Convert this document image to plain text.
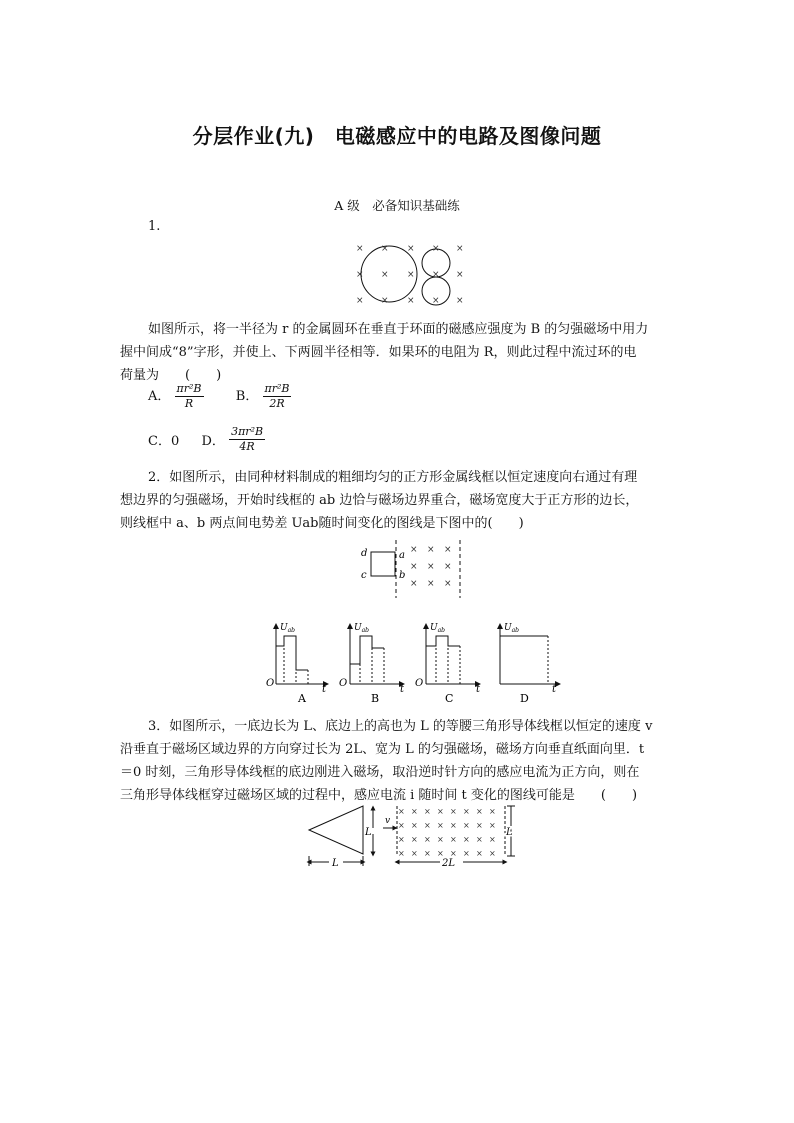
分层作业(九)　电磁感应中的电路及图像问题
A 级　必备知识基础练
1.
× × × × ×
× × × × ×
× × × × ×
如图所示，将一半径为 r 的金属圆环在垂直于环面的磁感应强度为 B 的匀强磁场中用力
握中间成“8”字形，并使上、下两圆半径相等．如果环的电阻为 R，则此过程中流过环的电
荷量为　　(　　)
A． $\frac{\text{πr²B}}{R}$ B． $\frac{\text{πr²B}}{2R}$
C．0 D． $\frac{\text{3πr²B}}{4R}$
2．如图所示，由同种材料制成的粗细均匀的正方形金属线框以恒定速度向右通过有理
想边界的匀强磁场，开始时线框的 ab 边恰与磁场边界重合，磁场宽度大于正方形的边长，
则线框中 a、b 两点间电势差 Uab随时间变化的图线是下图中的(　　)
d
c
a
b
× × ×
× × ×
× × ×
$U_{ab}$
O
A
$U_{ab}$
O
t
B
$U_{ab}$
O
t
C
$U_{ab}$
t
D
t
3．如图所示，一底边长为 L、底边上的高也为 L 的等腰三角形导体线框以恒定的速度 v
沿垂直于磁场区域边界的方向穿过长为 2L、宽为 L 的匀强磁场，磁场方向垂直纸面向里．t
＝0 时刻，三角形导体线框的底边刚进入磁场，取沿逆时针方向的感应电流为正方向，则在
三角形导体线框穿过磁场区域的过程中，感应电流 i 随时间 t 变化的图线可能是　　(　　)
L
L
v
× × × × × × × ×
× × × × × × × ×
× × × × × × × ×
× × × × × × × ×
L
2L
